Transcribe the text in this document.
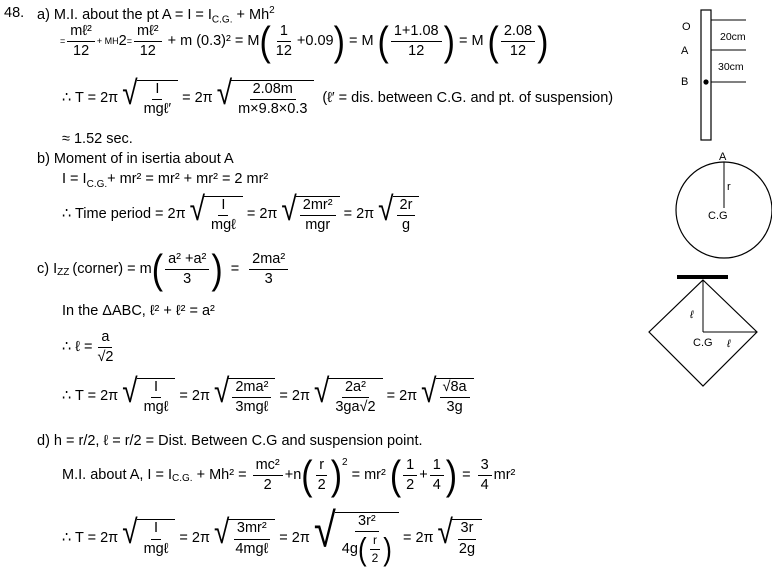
48. a) M.I. about the pt $A = I = I_{C.G.} + Mh^2$
= $\frac{\text{mℓ²}}{12}$ + MH $2 = \frac{\text{mℓ²}}{12} + m$ (0.3)² = M ( $\frac{1}{12} +0.09$ ) = M ( $\frac{1+1.08}{12}$ ) = M ( $\frac{2.08}{12}$ )
∴ T = 2π √ $\frac{I}{\text{mgℓ′}} = 2\pi$ √ $\frac{2.08m}{m\times 9.8\times 0.3}$ (ℓ′ = dis. between C.G. and pt. of suspension)
≈ 1.52 sec.
b) Moment of in isertia about A
$I = I_{C.G.}+ mr^2 = mr^2 + mr^2 = 2$ mr²
∴ Time period = 2π √ $\frac{I}{\text{mgℓ}} = 2\pi$ √ $\frac{\text{2mr²}}{\text{mgr}} = 2\pi$ √ $\frac{2r}{g}$
c) $I_{ZZ}$ (corner) = m ( $\frac{\text{a² +a²}}{3}$ ) = $\frac{\text{2ma²}}{3}$
In the ΔABC, ℓ² + ℓ² = a²
∴ ℓ = $\frac{a}{√2}$
∴ T = 2π √ $\frac{I}{\text{mgℓ}} = 2\pi$ √ $\frac{\text{2ma²}}{\text{3mgℓ}} = 2\pi$ √ $\frac{\text{2a²}}{3ga√2} = 2\pi$ √ $\frac{√8a}{3g}$
d) h = r/2, ℓ = r/2 = Dist. Between C.G and suspension point.
M.I. about A, $I = I_{C.G.} + Mh^2 = \frac{\text{mc²}}{2} +n$ ( $\frac{r}{2} )^2$
= mr² ( $\frac{1}{2} + \frac{1}{4}$ ) = $\frac{3}{4} mr^2$
∴ T = 2π √ $\frac{I}{\text{mgℓ}} = 2\pi$ √ $\frac{\text{3mr²}}{\text{4mgℓ}} = 2\pi$ √ $\frac{\text{3r²}}{4g ( \frac{r}{2} )} = 2\pi$ √ $\frac{3r}{2g}$
O
A
B
20cm
30cm
A
r
C.G
ℓ
C.G ℓ
